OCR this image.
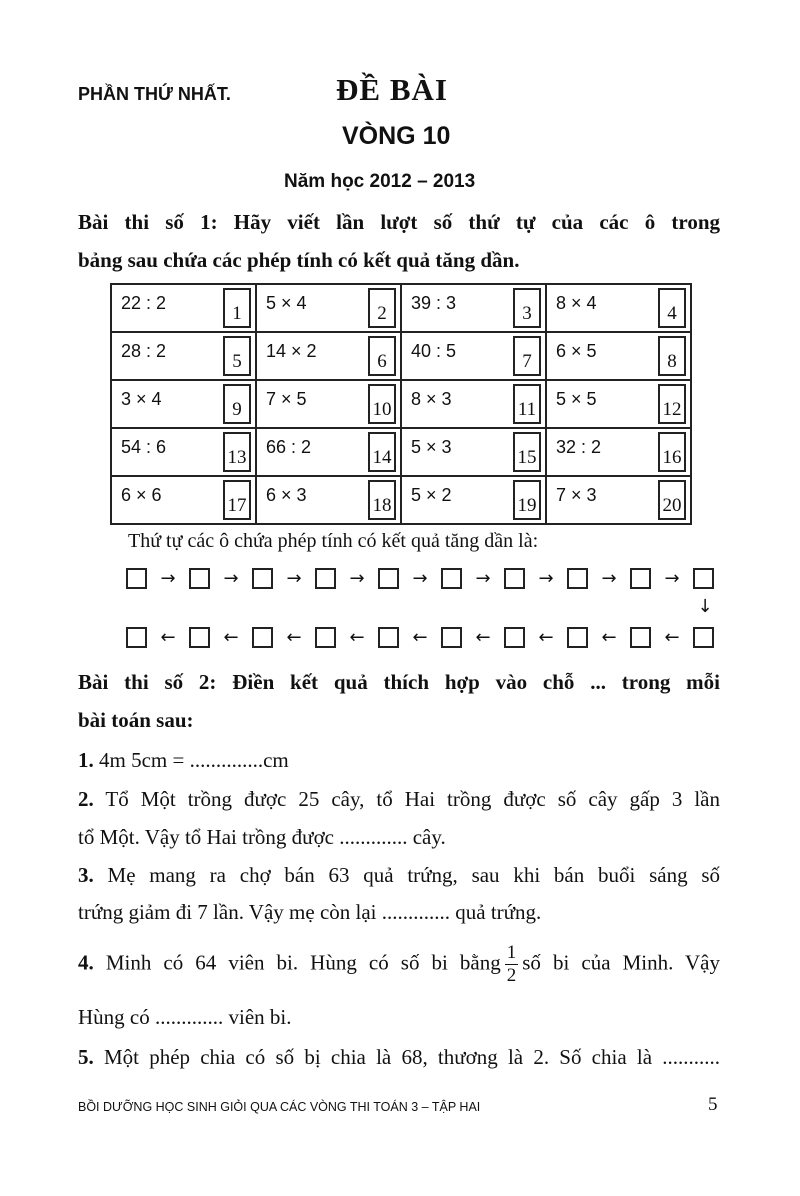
PHẦN THỨ NHẤT.	ĐỀ BÀI
VÒNG 10
Năm học 2012 – 2013
Bài thi số 1: Hãy viết lần lượt số thứ tự của các ô trong
bảng sau chứa các phép tính có kết quả tăng dần.
22 : 2 1	5 × 4 2	39 : 3 3	8 × 4 4

28 : 2 5	14 × 2 6	40 : 5 7	6 × 5 8

3 × 4 9	7 × 5 10	8 × 3 11	5 × 5 12

54 : 6 13	66 : 2 14	5 × 3 15	32 : 2 16

6 × 6 17	6 × 3 18	5 × 2 19	7 × 3 20
Thứ tự các ô chứa phép tính có kết quả tăng dần là:
→	→	→	→	→	→	→	→	→
↓
←	←	←	←	←	←	←	←	←
Bài thi số 2: Điền kết quả thích hợp vào chỗ ... trong mỗi
bài toán sau:
1. 4m 5cm = ..............cm
2. Tổ Một trồng được 25 cây, tổ Hai trồng được số cây gấp 3 lần
tổ Một. Vậy tổ Hai trồng được ............. cây.
3. Mẹ mang ra chợ bán 63 quả trứng, sau khi bán buổi sáng số
trứng giảm đi 7 lần. Vậy mẹ còn lại ............. quả trứng.
4. Minh có 64 viên bi. Hùng có số bi bằng $\frac{1}{2}$ số bi của Minh. Vậy
Hùng có ............. viên bi.
5. Một phép chia có số bị chia là 68, thương là 2. Số chia là ...........
BỒI DƯỠNG HỌC SINH GIỎI QUA CÁC VÒNG THI TOÁN 3 – TẬP HAI	5
